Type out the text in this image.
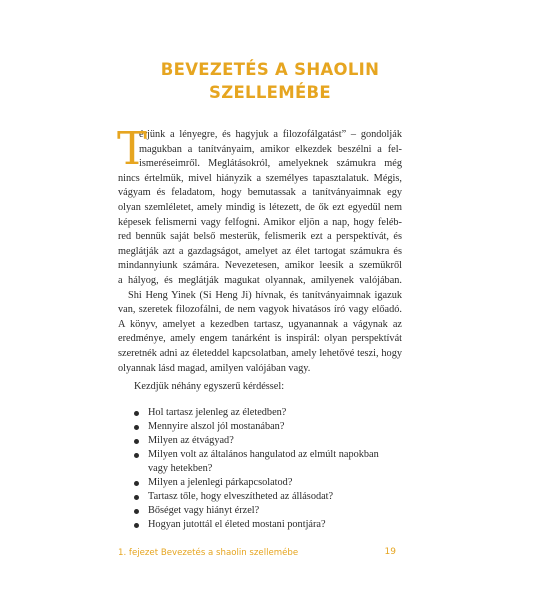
BEVEZETÉS A SHAOLIN
SZELLEMÉBE
T
érjünk a lényegre, és hagyjuk a filozofálgatást” – gondolják
magukban a tanítványaim, amikor elkezdek beszélni a fel-
ismeréseimről. Meglátásokról, amelyeknek számukra még
nincs értelmük, mivel hiányzik a személyes tapasztalatuk. Mégis,
vágyam és feladatom, hogy bemutassak a tanítványaimnak egy
olyan szemléletet, amely mindig is létezett, de ők ezt egyedül nem
képesek felismerni vagy felfogni. Amikor eljön a nap, hogy feléb-
red bennük saját belső mesterük, felismerik ezt a perspektívát, és
meglátják azt a gazdagságot, amelyet az élet tartogat számukra és
mindannyiunk számára. Nevezetesen, amikor leesik a szemükről
a hályog, és meglátják magukat olyannak, amilyenek valójában.
Shi Heng Yinek (Si Heng Ji) hívnak, és tanítványaimnak igazuk
van, szeretek filozofálni, de nem vagyok hivatásos író vagy előadó.
A könyv, amelyet a kezedben tartasz, ugyanannak a vágynak az
eredménye, amely engem tanárként is inspirál: olyan perspektívát
szeretnék adni az életeddel kapcsolatban, amely lehetővé teszi, hogy
olyannak lásd magad, amilyen valójában vagy.
Kezdjük néhány egyszerű kérdéssel:
Hol tartasz jelenleg az életedben?
Mennyire alszol jól mostanában?
Milyen az étvágyad?
Milyen volt az általános hangulatod az elmúlt napokban
vagy hetekben?
Milyen a jelenlegi párkapcsolatod?
Tartasz tőle, hogy elveszítheted az állásodat?
Bőséget vagy hiányt érzel?
Hogyan jutottál el életed mostani pontjára?
1. fejezet Bevezetés a shaolin szellemébe	19
